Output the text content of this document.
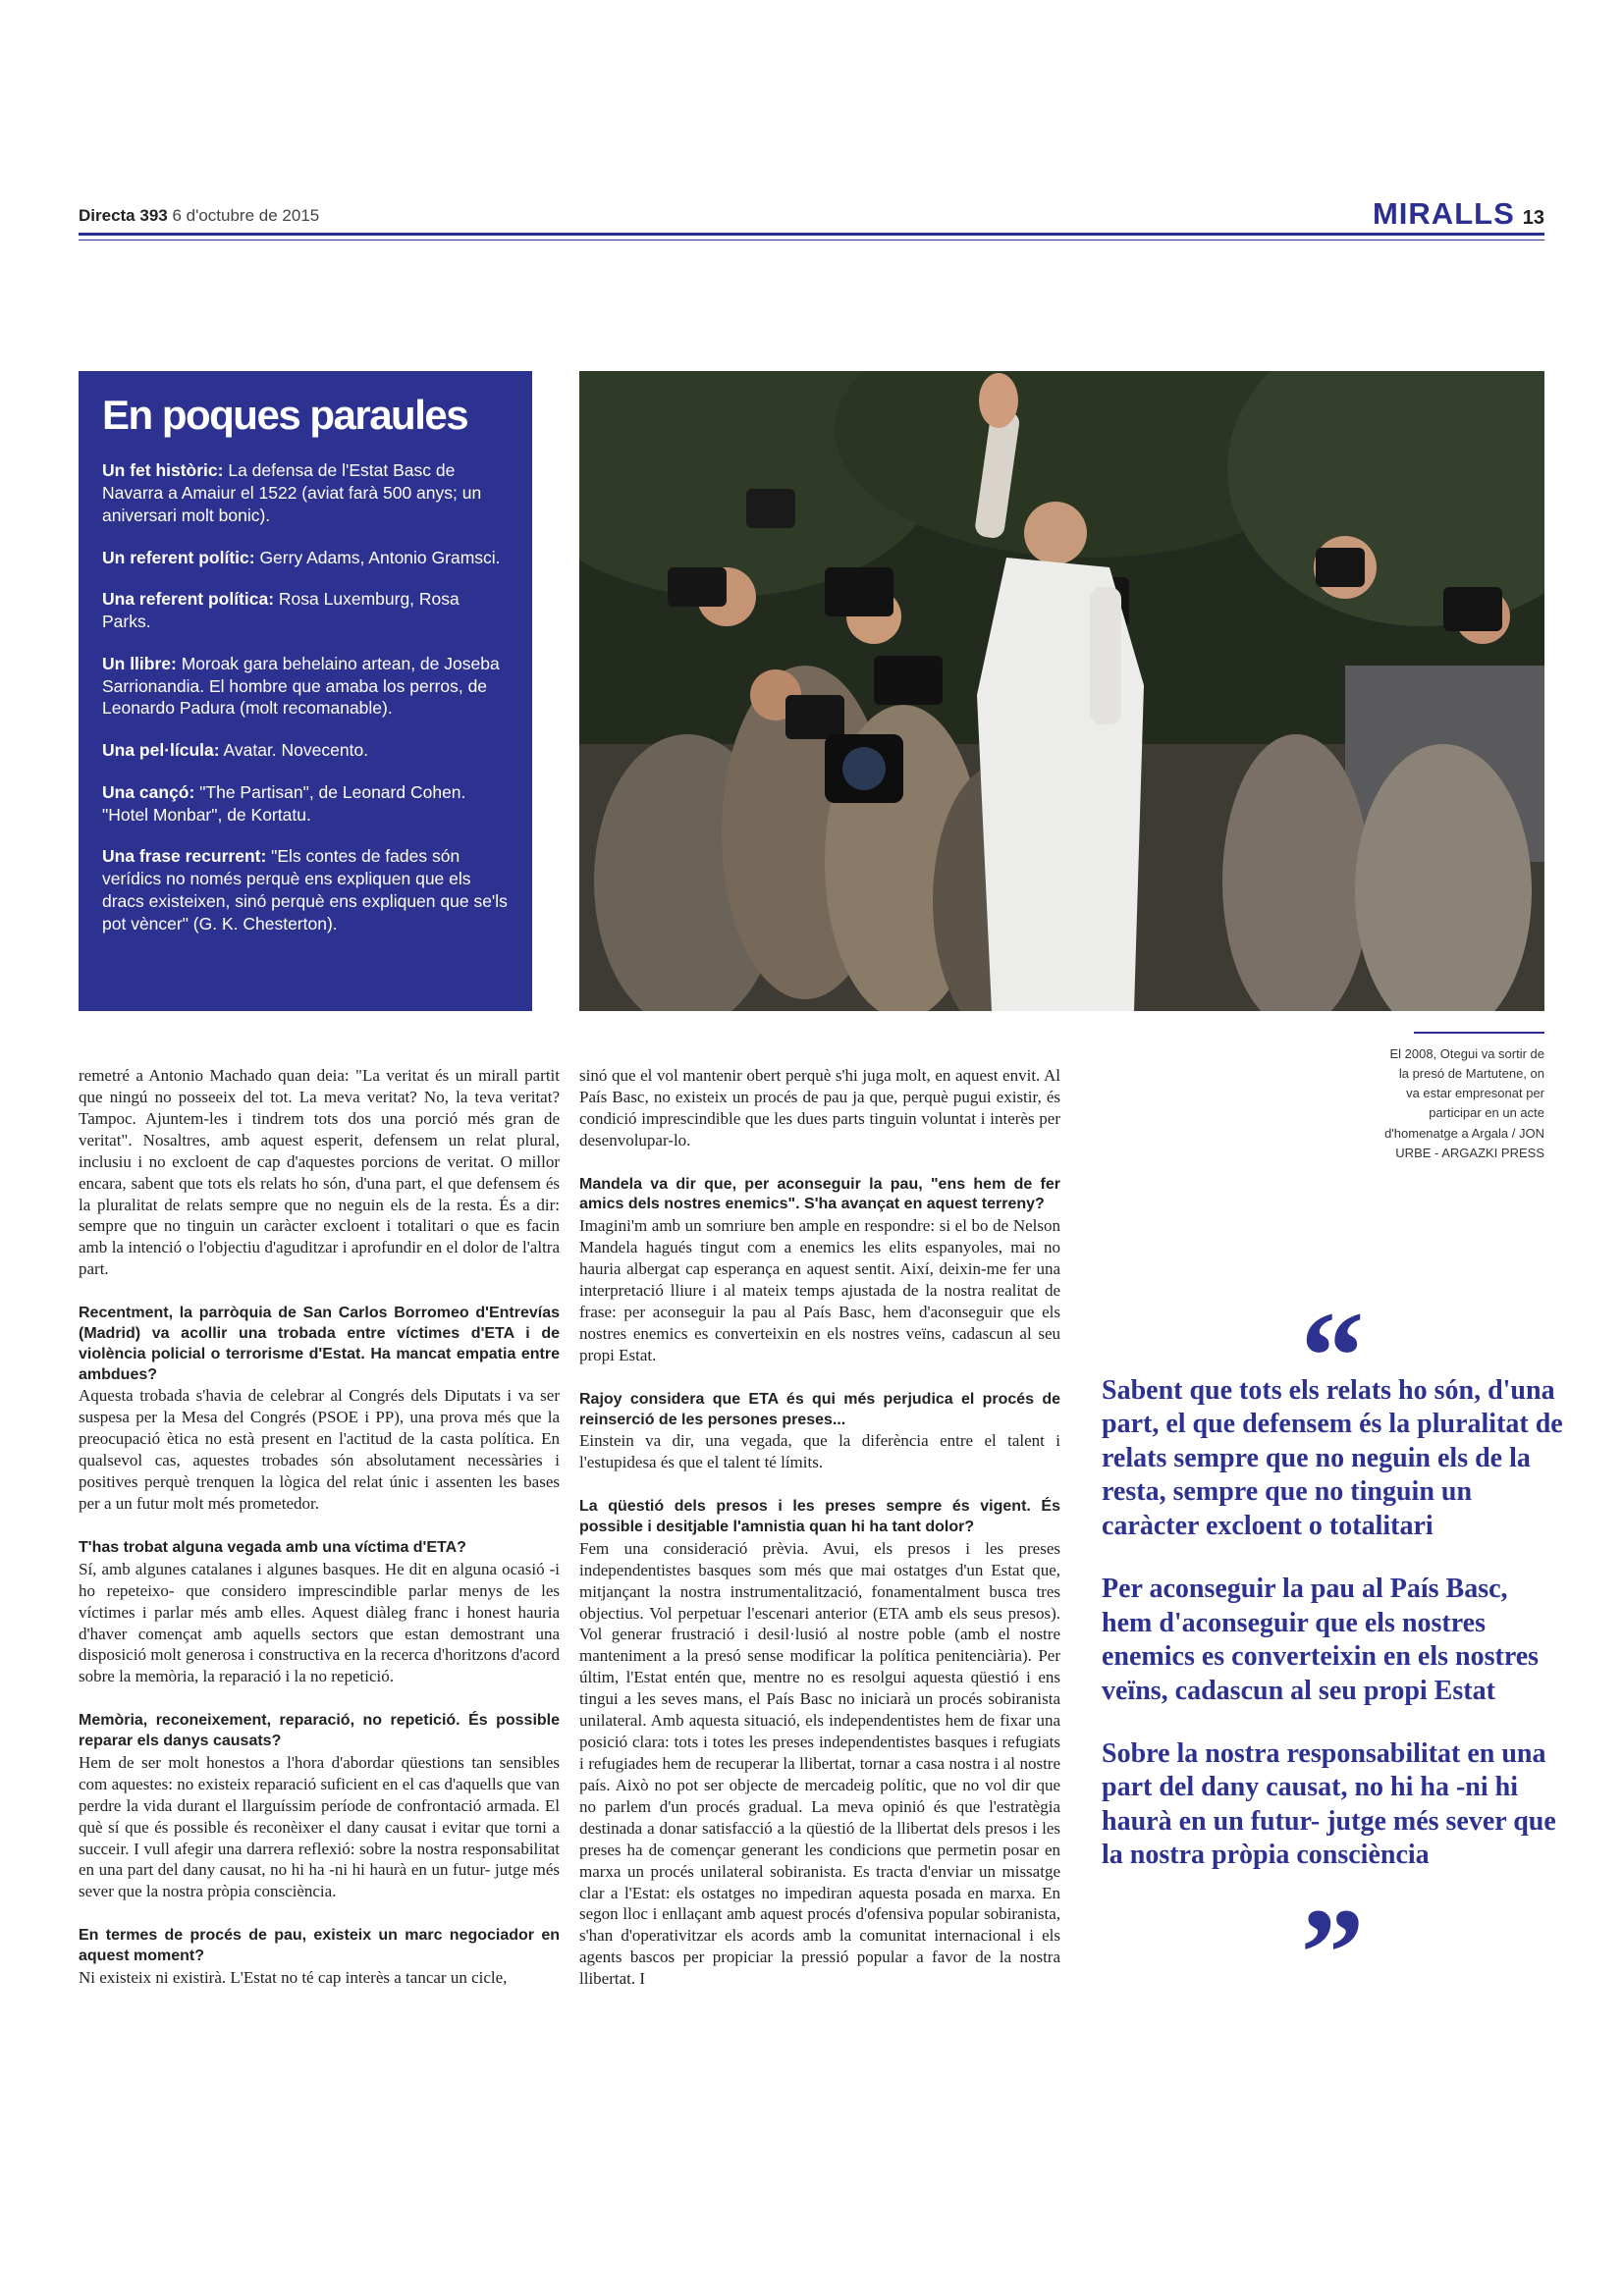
Directa 393 6 d'octubre de 2015	MIRALLS 13
En poques paraules
Un fet històric: La defensa de l'Estat Basc de Navarra a Amaiur el 1522 (aviat farà 500 anys; un aniversari molt bonic).
Un referent polític: Gerry Adams, Antonio Gramsci.
Una referent política: Rosa Luxemburg, Rosa Parks.
Un llibre: Moroak gara behelaino artean, de Joseba Sarrionandia. El hombre que amaba los perros, de Leonardo Padura (molt recomanable).
Una pel·lícula: Avatar. Novecento.
Una cançó: "The Partisan", de Leonard Cohen. "Hotel Monbar", de Kortatu.
Una frase recurrent: "Els contes de fades són verídics no només perquè ens expliquen que els dracs existeixen, sinó perquè ens expliquen que se'ls pot vèncer" (G. K. Chesterton).
El 2008, Otegui va sortir de la presó de Martutene, on va estar empresonat per participar en un acte d'homenatge a Argala / JON URBE - ARGAZKI PRESS

remetré a Antonio Machado quan deia: "La veritat és un mirall partit que ningú no posseeix del tot. La meva veritat? No, la teva veritat? Tampoc. Ajuntem-les i tindrem tots dos una porció més gran de veritat". Nosaltres, amb aquest esperit, defensem un relat plural, inclusiu i no excloent de cap d'aquestes porcions de veritat. O millor encara, sabent que tots els relats ho són, d'una part, el que defensem és la pluralitat de relats sempre que no neguin els de la resta. És a dir: sempre que no tinguin un caràcter excloent i totalitari o que es facin amb la intenció o l'objectiu d'aguditzar i aprofundir en el dolor de l'altra part.

Recentment, la parròquia de San Carlos Borromeo d'Entrevías (Madrid) va acollir una trobada entre víctimes d'ETA i de violència policial o terrorisme d'Estat. Ha mancat empatia entre ambdues?

Aquesta trobada s'havia de celebrar al Congrés dels Diputats i va ser suspesa per la Mesa del Congrés (PSOE i PP), una prova més que la preocupació ètica no està present en l'actitud de la casta política. En qualsevol cas, aquestes trobades són absolutament necessàries i positives perquè trenquen la lògica del relat únic i assenten les bases per a un futur molt més prometedor.

T'has trobat alguna vegada amb una víctima d'ETA?

Sí, amb algunes catalanes i algunes basques. He dit en alguna ocasió -i ho repeteixo- que considero imprescindible parlar menys de les víctimes i parlar més amb elles. Aquest diàleg franc i honest hauria d'haver començat amb aquells sectors que estan demostrant una disposició molt generosa i constructiva en la recerca d'horitzons d'acord sobre la memòria, la reparació i la no repetició.

Memòria, reconeixement, reparació, no repetició. És possible reparar els danys causats?

Hem de ser molt honestos a l'hora d'abordar qüestions tan sensibles com aquestes: no existeix reparació suficient en el cas d'aquells que van perdre la vida durant el llarguíssim període de confrontació armada. El què sí que és possible és reconèixer el dany causat i evitar que torni a succeir. I vull afegir una darrera reflexió: sobre la nostra responsabilitat en una part del dany causat, no hi ha -ni hi haurà en un futur- jutge més sever que la nostra pròpia consciència.

En termes de procés de pau, existeix un marc negociador en aquest moment?

Ni existeix ni existirà. L'Estat no té cap interès a tancar un cicle,

sinó que el vol mantenir obert perquè s'hi juga molt, en aquest envit. Al País Basc, no existeix un procés de pau ja que, perquè pugui existir, és condició imprescindible que les dues parts tinguin voluntat i interès per desenvolupar-lo.

Mandela va dir que, per aconseguir la pau, "ens hem de fer amics dels nostres enemics". S'ha avançat en aquest terreny?

Imagini'm amb un somriure ben ample en respondre: si el bo de Nelson Mandela hagués tingut com a enemics les elits espanyoles, mai no hauria albergat cap esperança en aquest sentit. Així, deixin-me fer una interpretació lliure i al mateix temps ajustada de la nostra realitat de frase: per aconseguir la pau al País Basc, hem d'aconseguir que els nostres enemics es converteixin en els nostres veïns, cadascun al seu propi Estat.

Rajoy considera que ETA és qui més perjudica el procés de reinserció de les persones preses...

Einstein va dir, una vegada, que la diferència entre el talent i l'estupidesa és que el talent té límits.

La qüestió dels presos i les preses sempre és vigent. És possible i desitjable l'amnistia quan hi ha tant dolor?

Fem una consideració prèvia. Avui, els presos i les preses independentistes basques som més que mai ostatges d'un Estat que, mitjançant la nostra instrumentalització, fonamentalment busca tres objectius. Vol perpetuar l'escenari anterior (ETA amb els seus presos). Vol generar frustració i desil·lusió al nostre poble (amb el nostre manteniment a la presó sense modificar la política penitenciària). Per últim, l'Estat entén que, mentre no es resolgui aquesta qüestió i ens tingui a les seves mans, el País Basc no iniciarà un procés sobiranista unilateral. Amb aquesta situació, els independentistes hem de fixar una posició clara: tots i totes les preses independentistes basques i refugiats i refugiades hem de recuperar la llibertat, tornar a casa nostra i al nostre país. Això no pot ser objecte de mercadeig polític, que no vol dir que no parlem d'un procés gradual. La meva opinió és que l'estratègia destinada a donar satisfacció a la qüestió de la llibertat dels presos i les preses ha de començar generant les condicions que permetin posar en marxa un procés unilateral sobiranista. Es tracta d'enviar un missatge clar a l'Estat: els ostatges no impediran aquesta posada en marxa. En segon lloc i enllaçant amb aquest procés d'ofensiva popular sobiranista, s'han d'operativitzar els acords amb la comunitat internacional i els agents bascos per propiciar la pressió popular a favor de la nostra llibertat. I

“
Sabent que tots els relats ho són, d'una part, el que defensem és la pluralitat de relats sempre que no neguin els de la resta, sempre que no tinguin un caràcter excloent o totalitari
Per aconseguir la pau al País Basc, hem d'aconseguir que els nostres enemics es converteixin en els nostres veïns, cadascun al seu propi Estat
Sobre la nostra responsabilitat en una part del dany causat, no hi ha -ni hi haurà en un futur- jutge més sever que la nostra pròpia consciència
”
